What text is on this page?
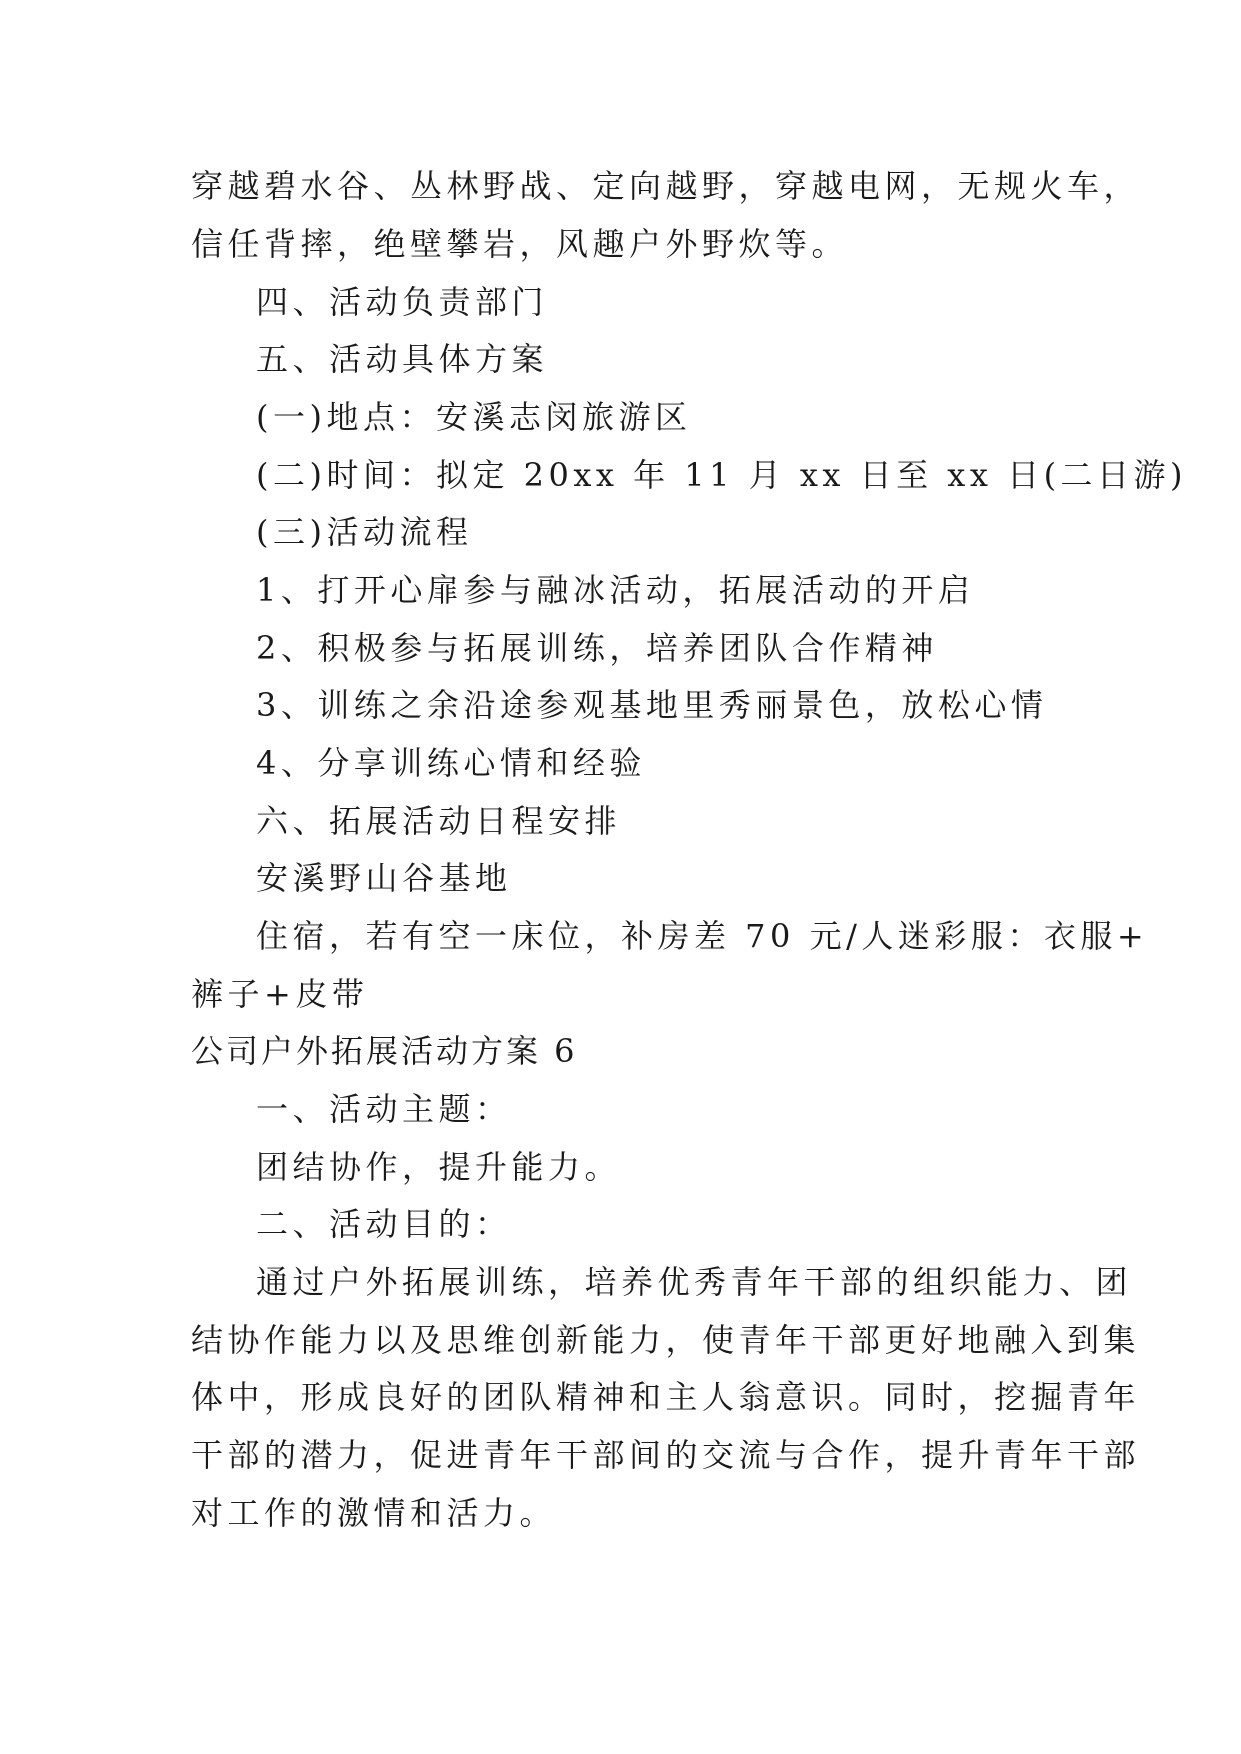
穿越碧水谷、丛林野战、定向越野，穿越电网，无规火车，

信任背摔，绝壁攀岩，风趣户外野炊等。

四、活动负责部门

五、活动具体方案

(一)地点：安溪志闵旅游区

(二)时间：拟定 20xx 年 11 月 xx 日至 xx 日(二日游)

(三)活动流程

1、打开心扉参与融冰活动，拓展活动的开启

2、积极参与拓展训练，培养团队合作精神

3、训练之余沿途参观基地里秀丽景色，放松心情

4、分享训练心情和经验

六、拓展活动日程安排

安溪野山谷基地

住宿，若有空一床位，补房差 70 元/人迷彩服：衣服+

裤子+皮带

公司户外拓展活动方案 6

一、活动主题：

团结协作，提升能力。

二、活动目的：

通过户外拓展训练，培养优秀青年干部的组织能力、团

结协作能力以及思维创新能力，使青年干部更好地融入到集

体中，形成良好的团队精神和主人翁意识。同时，挖掘青年

干部的潜力，促进青年干部间的交流与合作，提升青年干部

对工作的激情和活力。
